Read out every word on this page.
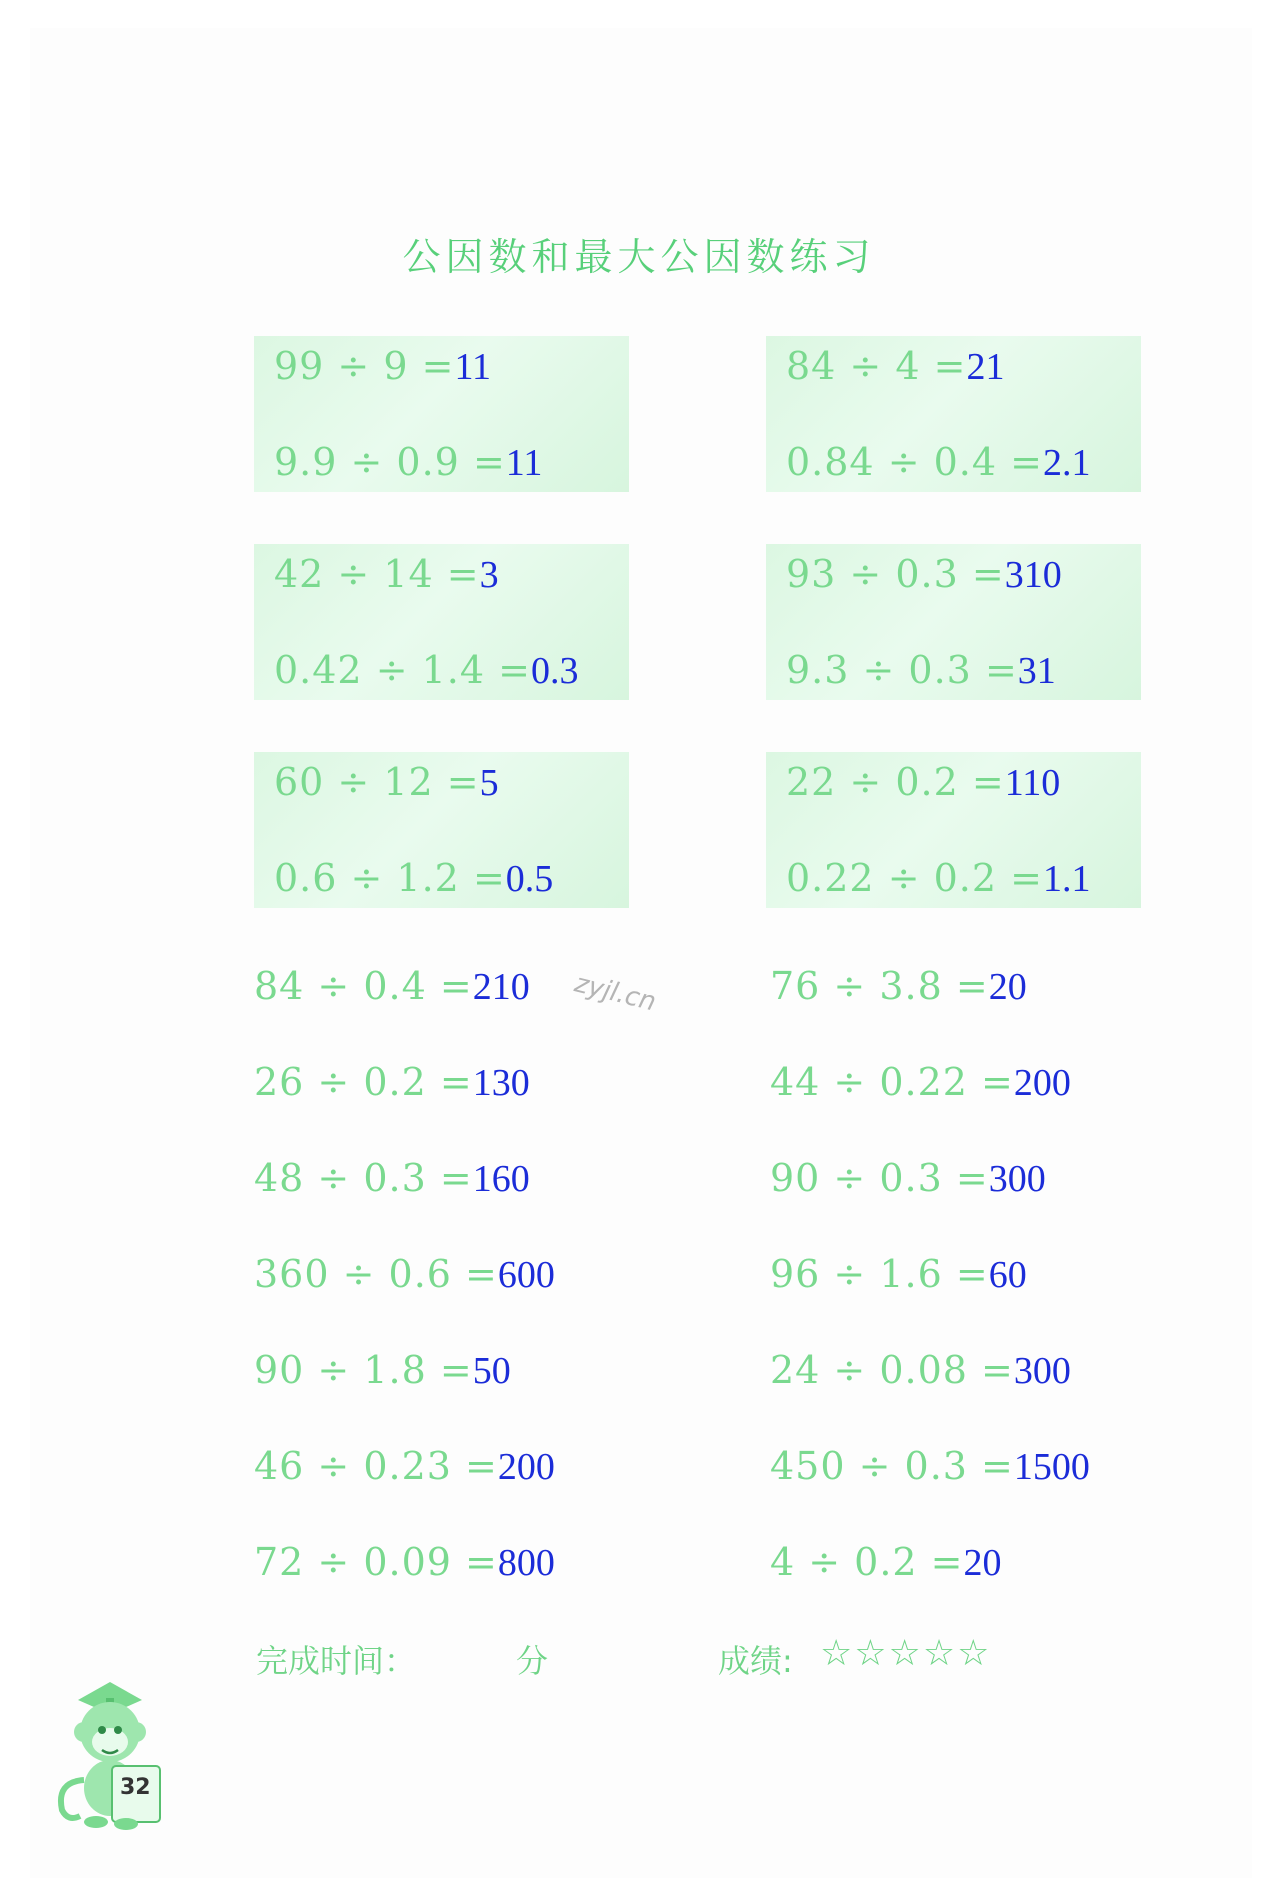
公因数和最大公因数练习
99 ÷ 9 =11
9.9 ÷ 0.9 =11
84 ÷ 4 =21
0.84 ÷ 0.4 =2.1
42 ÷ 14 =3
0.42 ÷ 1.4 =0.3
93 ÷ 0.3 =310
9.3 ÷ 0.3 =31
60 ÷ 12 =5
0.6 ÷ 1.2 =0.5
22 ÷ 0.2 =110
0.22 ÷ 0.2 =1.1
84 ÷ 0.4 =210
26 ÷ 0.2 =130
48 ÷ 0.3 =160
360 ÷ 0.6 =600
90 ÷ 1.8 =50
46 ÷ 0.23 =200
72 ÷ 0.09 =800
76 ÷ 3.8 =20
44 ÷ 0.22 =200
90 ÷ 0.3 =300
96 ÷ 1.6 =60
24 ÷ 0.08 =300
450 ÷ 0.3 =1500
4 ÷ 0.2 =20
zyjl.cn
完成时间：	分	成绩: ☆☆☆☆☆
32
